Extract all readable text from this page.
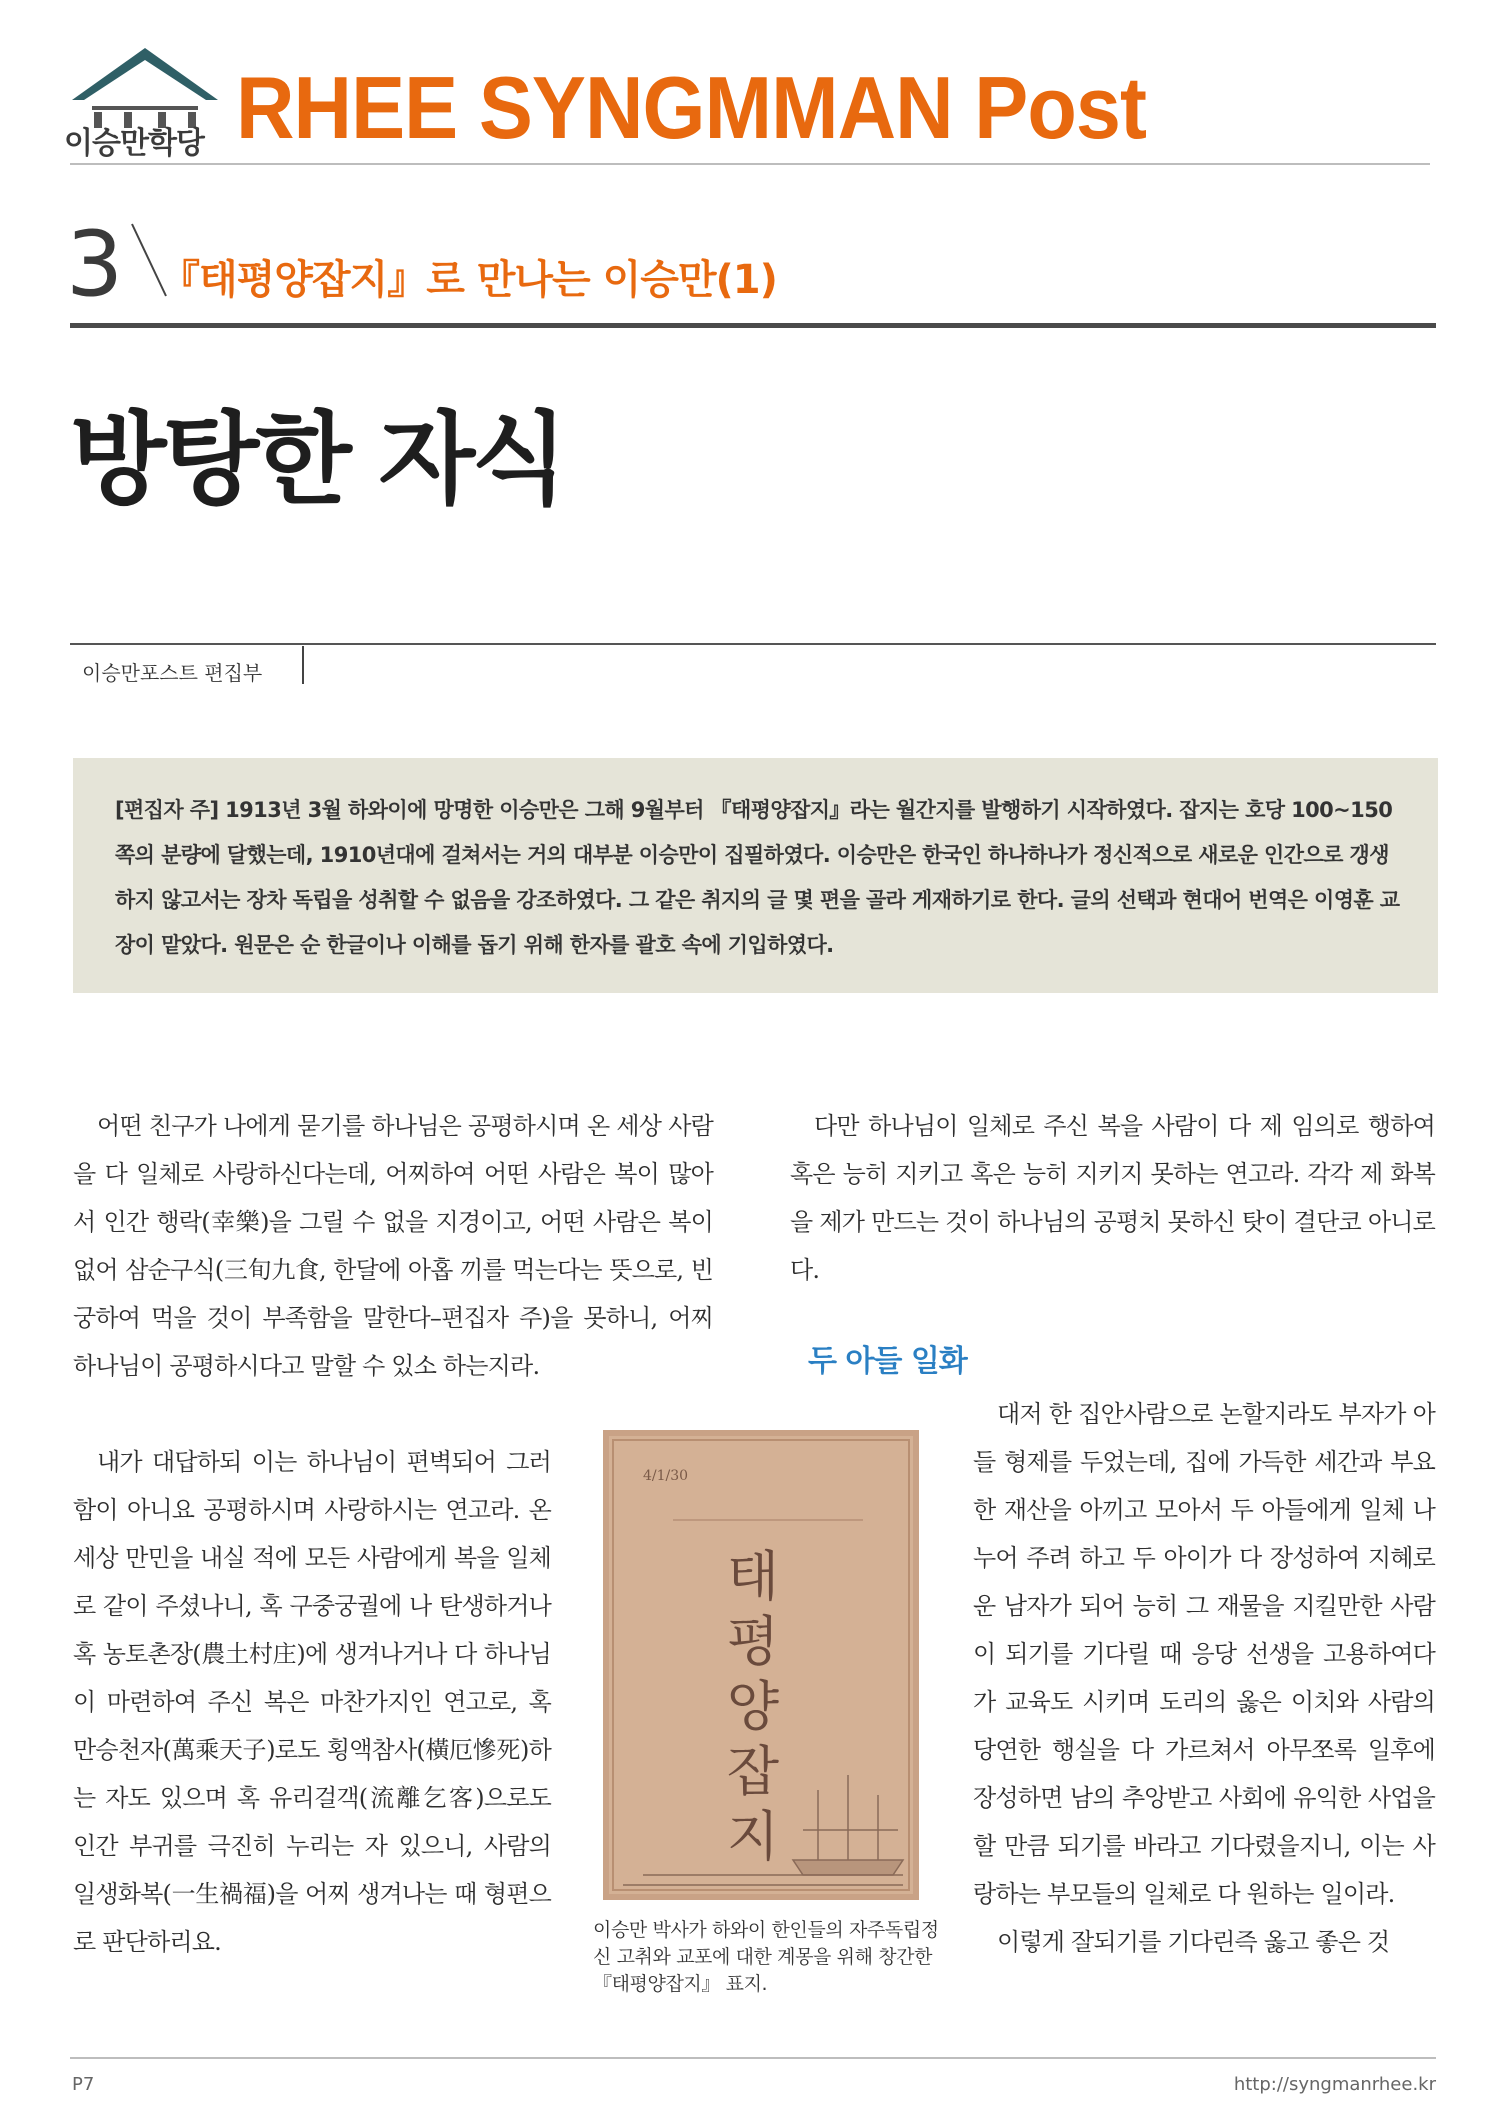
이승만학당 RHEE SYNGMMAN Post
3 『태평양잡지』로 만나는 이승만(1)
방탕한 자식
이승만포스트 편집부

[편집자 주] 1913년 3월 하와이에 망명한 이승만은 그해 9월부터 『태평양잡지』라는 월간지를 발행하기 시작하였다. 잡지는 호당 100~150쪽의 분량에 달했는데, 1910년대에 걸쳐서는 거의 대부분 이승만이 집필하였다. 이승만은 한국인 하나하나가 정신적으로 새로운 인간으로 갱생하지 않고서는 장차 독립을 성취할 수 없음을 강조하였다. 그 같은 취지의 글 몇 편을 골라 게재하기로 한다. 글의 선택과 현대어 번역은 이영훈 교장이 맡았다. 원문은 순 한글이나 이해를 돕기 위해 한자를 괄호 속에 기입하였다.

어떤 친구가 나에게 묻기를 하나님은 공평하시며 온 세상 사람을 다 일체로 사랑하신다는데, 어찌하여 어떤 사람은 복이 많아서 인간 행락(幸樂)을 그릴 수 없을 지경이고, 어떤 사람은 복이 없어 삼순구식(三旬九食, 한달에 아홉 끼를 먹는다는 뜻으로, 빈궁하여 먹을 것이 부족함을 말한다–편집자 주)을 못하니, 어찌 하나님이 공평하시다고 말할 수 있소 하는지라.

내가 대답하되 이는 하나님이 편벽되어 그러함이 아니요 공평하시며 사랑하시는 연고라. 온 세상 만민을 내실 적에 모든 사람에게 복을 일체로 같이 주셨나니, 혹 구중궁궐에 나 탄생하거나 혹 농토촌장(農土村庄)에 생겨나거나 다 하나님이 마련하여 주신 복은 마찬가지인 연고로, 혹 만승천자(萬乘天子)로도 횡액참사(橫厄慘死)하는 자도 있으며 혹 유리걸객(流離乞客)으로도 인간 부귀를 극진히 누리는 자 있으니, 사람의 일생화복(一生禍福)을 어찌 생겨나는 때 형편으로 판단하리요.

다만 하나님이 일체로 주신 복을 사람이 다 제 임의로 행하여 혹은 능히 지키고 혹은 능히 지키지 못하는 연고라. 각각 제 화복을 제가 만드는 것이 하나님의 공평치 못하신 탓이 결단코 아니로다.

두 아들 일화

대저 한 집안사람으로 논할지라도 부자가 아들 형제를 두었는데, 집에 가득한 세간과 부요한 재산을 아끼고 모아서 두 아들에게 일체 나누어 주려 하고 두 아이가 다 장성하여 지혜로운 남자가 되어 능히 그 재물을 지킬만한 사람이 되기를 기다릴 때 응당 선생을 고용하여다가 교육도 시키며 도리의 옳은 이치와 사람의 당연한 행실을 다 가르쳐서 아무쪼록 일후에 장성하면 남의 추앙받고 사회에 유익한 사업을 할 만큼 되기를 바라고 기다렸을지니, 이는 사랑하는 부모들의 일체로 다 원하는 일이라.

이렇게 잘되기를 기다린즉 옳고 좋은 것

4/1/30
태
평
양
잡
지
이승만 박사가 하와이 한인들의 자주독립정신 고취와 교포에 대한 계몽을 위해 창간한 『태평양잡지』 표지.
P7	http://syngmanrhee.kr
